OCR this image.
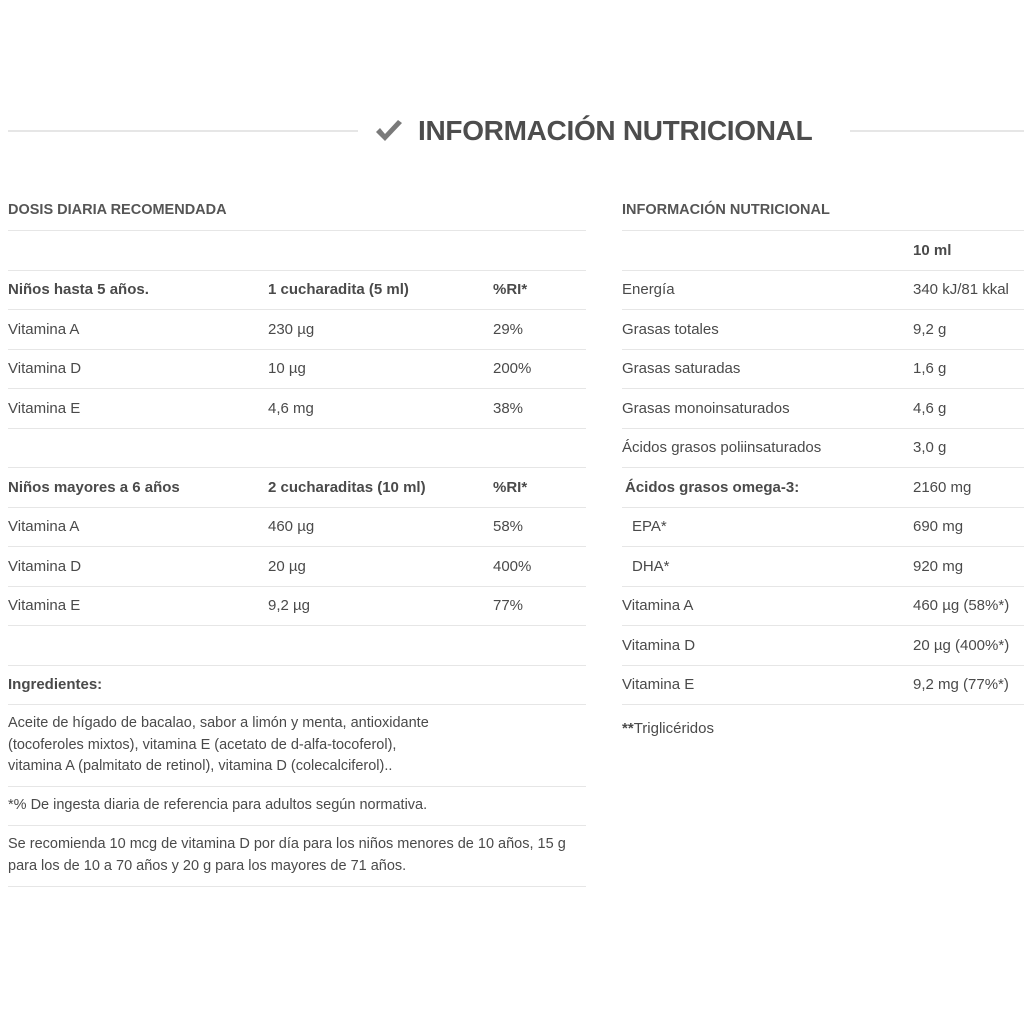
INFORMACIÓN NUTRICIONAL
DOSIS DIARIA RECOMENDADA
Niños hasta 5 años.	1 cucharadita (5 ml)	%RI*
Vitamina A	230 µg	29%
Vitamina D	10 µg	200%
Vitamina E	4,6 mg	38%
Niños mayores a 6 años	2 cucharaditas (10 ml)	%RI*
Vitamina A	460 µg	58%
Vitamina D	20 µg	400%
Vitamina E	9,2 µg	77%
Ingredientes:
Aceite de hígado de bacalao, sabor a limón y menta, antioxidante (tocoferoles mixtos), vitamina E (acetato de d-alfa-tocoferol), vitamina A (palmitato de retinol), vitamina D (colecalciferol)..
*% De ingesta diaria de referencia para adultos según normativa.
Se recomienda 10 mcg de vitamina D por día para los niños menores de 10 años, 15 g para los de 10 a 70 años y 20 g para los mayores de 71 años.
INFORMACIÓN NUTRICIONAL
10 ml
Energía	340 kJ/81 kkal
Grasas totales	9,2 g
Grasas saturadas	1,6 g
Grasas monoinsaturados	4,6 g
Ácidos grasos poliinsaturados	3,0 g
Ácidos grasos omega-3:	2160 mg
EPA*	690 mg
DHA*	920 mg
Vitamina A	460 µg (58%*)
Vitamina D	20 µg (400%*)
Vitamina E	9,2 mg (77%*)
**Triglicéridos
